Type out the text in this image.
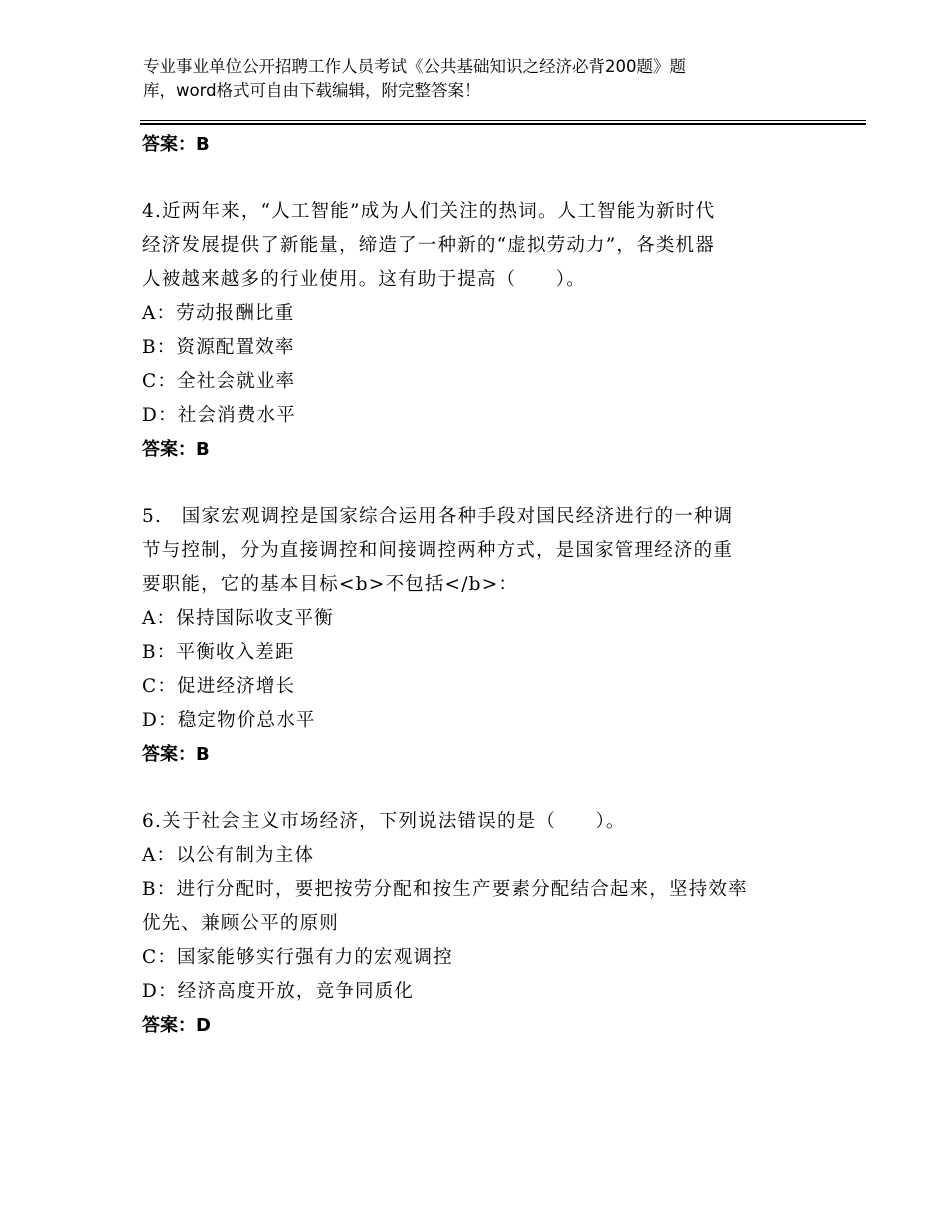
专业事业单位公开招聘工作人员考试《公共基础知识之经济必背200题》题
库，word格式可自由下载编辑，附完整答案！
答案：B
4.近两年来，“人工智能”成为人们关注的热词。人工智能为新时代
经济发展提供了新能量，缔造了一种新的“虚拟劳动力”，各类机器
人被越来越多的行业使用。这有助于提高（　　）。
A：劳动报酬比重
B：资源配置效率
C：全社会就业率
D：社会消费水平
答案：B
5.　国家宏观调控是国家综合运用各种手段对国民经济进行的一种调
节与控制，分为直接调控和间接调控两种方式，是国家管理经济的重
要职能，它的基本目标<b>不包括</b>：
A：保持国际收支平衡
B：平衡收入差距
C：促进经济增长
D：稳定物价总水平
答案：B
6.关于社会主义市场经济，下列说法错误的是（　　）。
A：以公有制为主体
B：进行分配时，要把按劳分配和按生产要素分配结合起来，坚持效率
优先、兼顾公平的原则
C：国家能够实行强有力的宏观调控
D：经济高度开放，竞争同质化
答案：D
